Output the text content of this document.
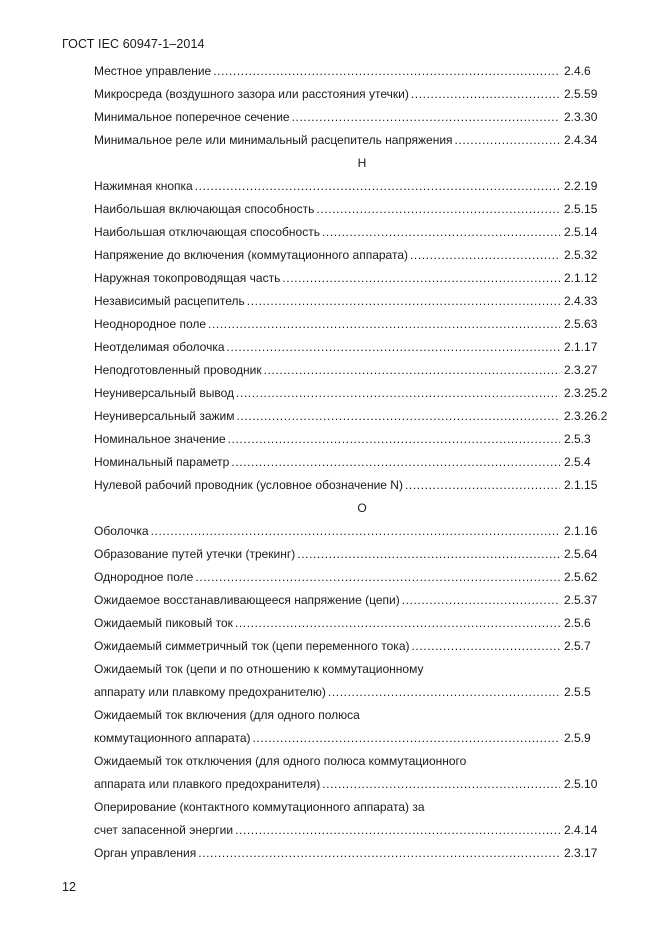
ГОСТ IEC 60947-1–2014
Местное управление .....	2.4.6
Микросреда (воздушного зазора или расстояния утечки) .....	2.5.59
Минимальное поперечное сечение .....	2.3.30
Минимальное реле или минимальный расцепитель напряжения .....	2.4.34
Н
Нажимная кнопка .....	2.2.19
Наибольшая включающая способность .....	2.5.15
Наибольшая отключающая способность .....	2.5.14
Напряжение до включения (коммутационного аппарата) .....	2.5.32
Наружная токопроводящая часть .....	2.1.12
Независимый расцепитель .....	2.4.33
Неоднородное поле .....	2.5.63
Неотделимая оболочка .....	2.1.17
Неподготовленный проводник .....	2.3.27
Неуниверсальный вывод .....	2.3.25.2
Неуниверсальный зажим .....	2.3.26.2
Номинальное значение .....	2.5.3
Номинальный параметр .....	2.5.4
Нулевой рабочий проводник (условное обозначение N) .....	2.1.15
О
Оболочка .....	2.1.16
Образование путей утечки (трекинг) .....	2.5.64
Однородное поле .....	2.5.62
Ожидаемое восстанавливающееся напряжение (цепи) .....	2.5.37
Ожидаемый пиковый ток .....	2.5.6
Ожидаемый симметричный ток (цепи переменного тока) .....	2.5.7
Ожидаемый ток (цепи и по отношению к коммутационному
аппарату или плавкому предохранителю) .....	2.5.5
Ожидаемый ток включения (для одного полюса
коммутационного аппарата) .....	2.5.9
Ожидаемый ток отключения (для одного полюса коммутационного
аппарата или плавкого предохранителя) .....	2.5.10
Оперирование (контактного коммутационного аппарата) за
счет запасенной энергии .....	2.4.14
Орган управления .....	2.3.17
12
